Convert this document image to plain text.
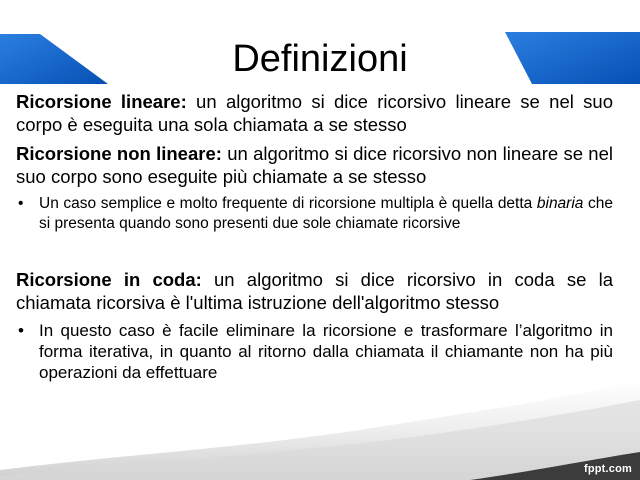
Definizioni

Ricorsione lineare: un algoritmo si dice ricorsivo lineare se nel suo corpo è eseguita una sola chiamata a se stesso

Ricorsione non lineare: un algoritmo si dice ricorsivo non lineare se nel suo corpo sono eseguite più chiamate a se stesso

• Un caso semplice e molto frequente di ricorsione multipla è quella detta binaria che si presenta quando sono presenti due sole chiamate ricorsive

Ricorsione in coda: un algoritmo si dice ricorsivo in coda se la chiamata ricorsiva è l'ultima istruzione dell'algoritmo stesso

• In questo caso è facile eliminare la ricorsione e trasformare l’algoritmo in forma iterativa, in quanto al ritorno dalla chiamata il chiamante non ha più operazioni da effettuare

fppt.com
